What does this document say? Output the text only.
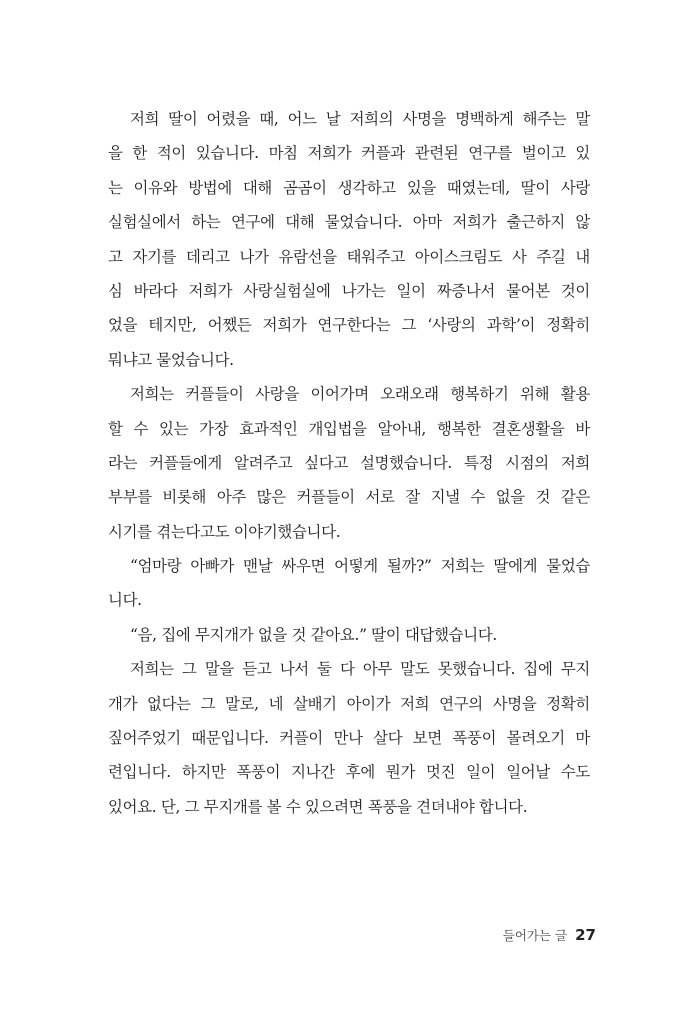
저희 딸이 어렸을 때, 어느 날 저희의 사명을 명백하게 해주는 말
을 한 적이 있습니다. 마침 저희가 커플과 관련된 연구를 벌이고 있
는 이유와 방법에 대해 곰곰이 생각하고 있을 때였는데, 딸이 사랑
실험실에서 하는 연구에 대해 물었습니다. 아마 저희가 출근하지 않
고 자기를 데리고 나가 유람선을 태워주고 아이스크림도 사 주길 내
심 바라다 저희가 사랑실험실에 나가는 일이 짜증나서 물어본 것이
었을 테지만, 어쨌든 저희가 연구한다는 그 ‘사랑의 과학’이 정확히
뭐냐고 물었습니다.
저희는 커플들이 사랑을 이어가며 오래오래 행복하기 위해 활용
할 수 있는 가장 효과적인 개입법을 알아내, 행복한 결혼생활을 바
라는 커플들에게 알려주고 싶다고 설명했습니다. 특정 시점의 저희
부부를 비롯해 아주 많은 커플들이 서로 잘 지낼 수 없을 것 같은
시기를 겪는다고도 이야기했습니다.
“엄마랑 아빠가 맨날 싸우면 어떻게 될까?” 저희는 딸에게 물었습
니다.
“음, 집에 무지개가 없을 것 같아요.” 딸이 대답했습니다.
저희는 그 말을 듣고 나서 둘 다 아무 말도 못했습니다. 집에 무지
개가 없다는 그 말로, 네 살배기 아이가 저희 연구의 사명을 정확히
짚어주었기 때문입니다. 커플이 만나 살다 보면 폭풍이 몰려오기 마
련입니다. 하지만 폭풍이 지나간 후에 뭔가 멋진 일이 일어날 수도
있어요. 단, 그 무지개를 볼 수 있으려면 폭풍을 견뎌내야 합니다.
들어가는 글 27
